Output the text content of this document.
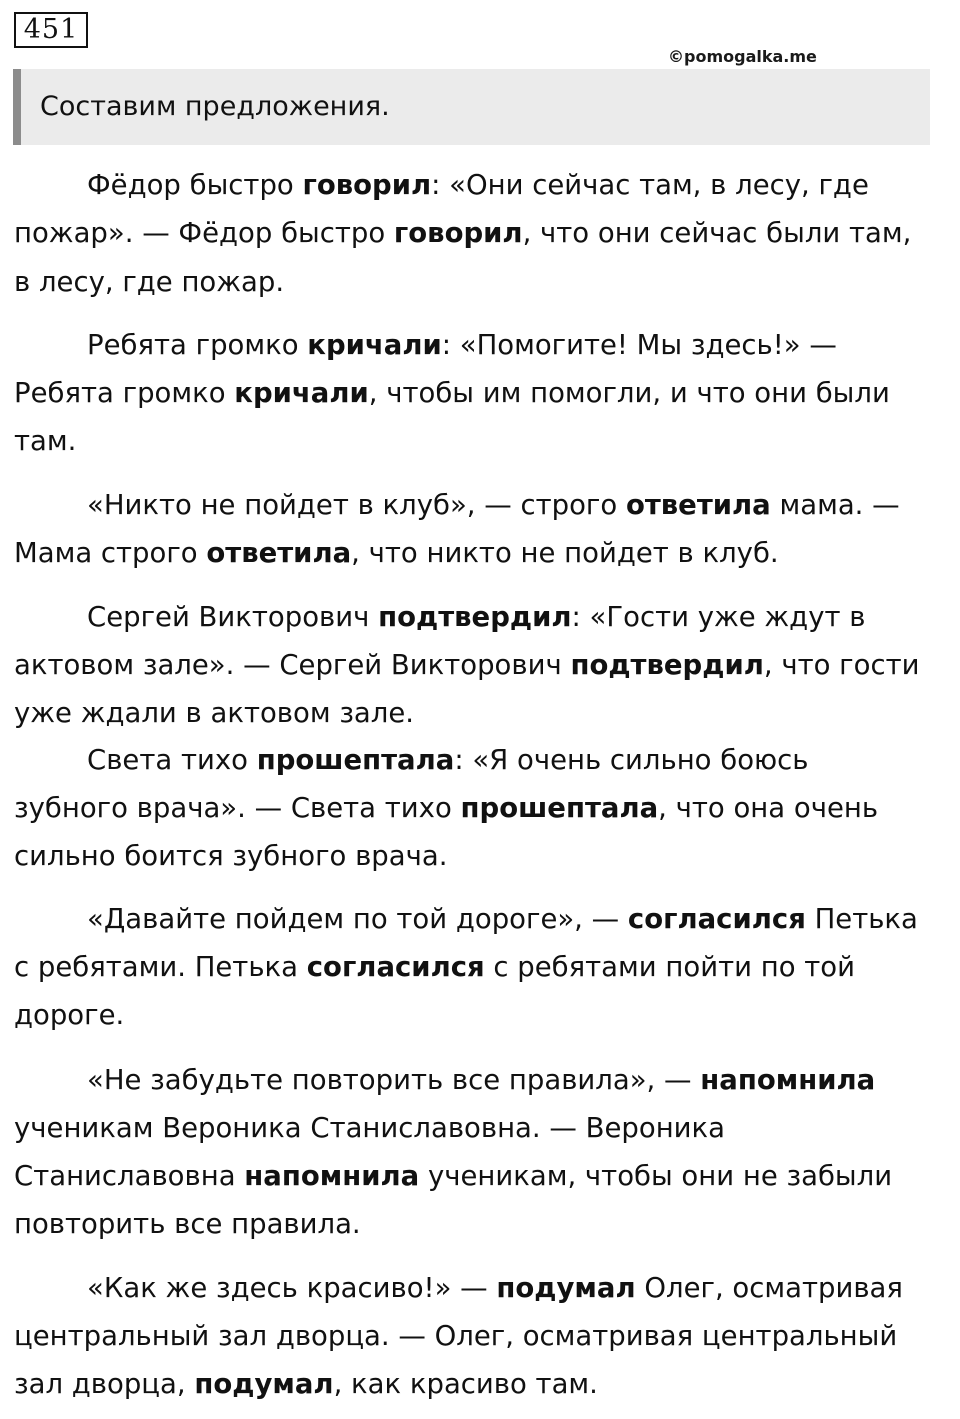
451
©pomogalka.me
Составим предложения.
Фёдор быстро говорил: «Они сейчас там, в лесу, где
пожар». — Фёдор быстро говорил, что они сейчас были там,
в лесу, где пожар.
Ребята громко кричали: «Помогите! Мы здесь!» —
Ребята громко кричали, чтобы им помогли, и что они были
там.
«Никто не пойдет в клуб», — строго ответила мама. —
Мама строго ответила, что никто не пойдет в клуб.
Сергей Викторович подтвердил: «Гости уже ждут в
актовом зале». — Сергей Викторович подтвердил, что гости
уже ждали в актовом зале.
Света тихо прошептала: «Я очень сильно боюсь
зубного врача». — Света тихо прошептала, что она очень
сильно боится зубного врача.
«Давайте пойдем по той дороге», — согласился Петька
с ребятами. Петька согласился с ребятами пойти по той
дороге.
«Не забудьте повторить все правила», — напомнила
ученикам Вероника Станиславовна. — Вероника
Станиславовна напомнила ученикам, чтобы они не забыли
повторить все правила.
«Как же здесь красиво!» — подумал Олег, осматривая
центральный зал дворца. — Олег, осматривая центральный
зал дворца, подумал, как красиво там.
